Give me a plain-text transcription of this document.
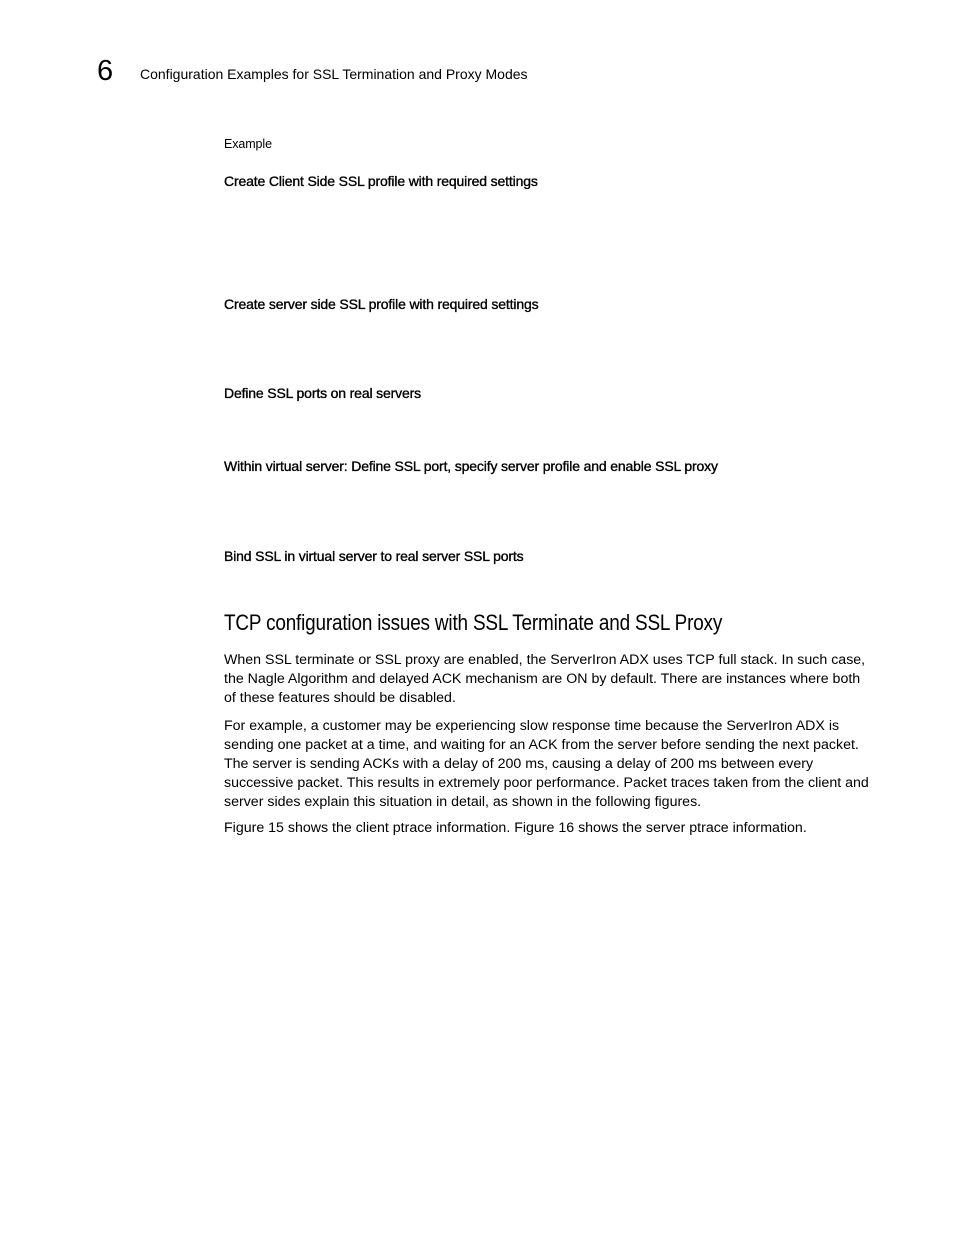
6 Configuration Examples for SSL Termination and Proxy Modes
Example
Create Client Side SSL profile with required settings
Create server side SSL profile with required settings
Define SSL ports on real servers
Within virtual server: Define SSL port, specify server profile and enable SSL proxy
Bind SSL in virtual server to real server SSL ports
TCP configuration issues with SSL Terminate and SSL Proxy

When SSL terminate or SSL proxy are enabled, the ServerIron ADX uses TCP full stack. In such case, the Nagle Algorithm and delayed ACK mechanism are ON by default. There are instances where both of these features should be disabled.

For example, a customer may be experiencing slow response time because the ServerIron ADX is sending one packet at a time, and waiting for an ACK from the server before sending the next packet. The server is sending ACKs with a delay of 200 ms, causing a delay of 200 ms between every successive packet. This results in extremely poor performance. Packet traces taken from the client and server sides explain this situation in detail, as shown in the following figures.

Figure 15 shows the client ptrace information. Figure 16 shows the server ptrace information.
